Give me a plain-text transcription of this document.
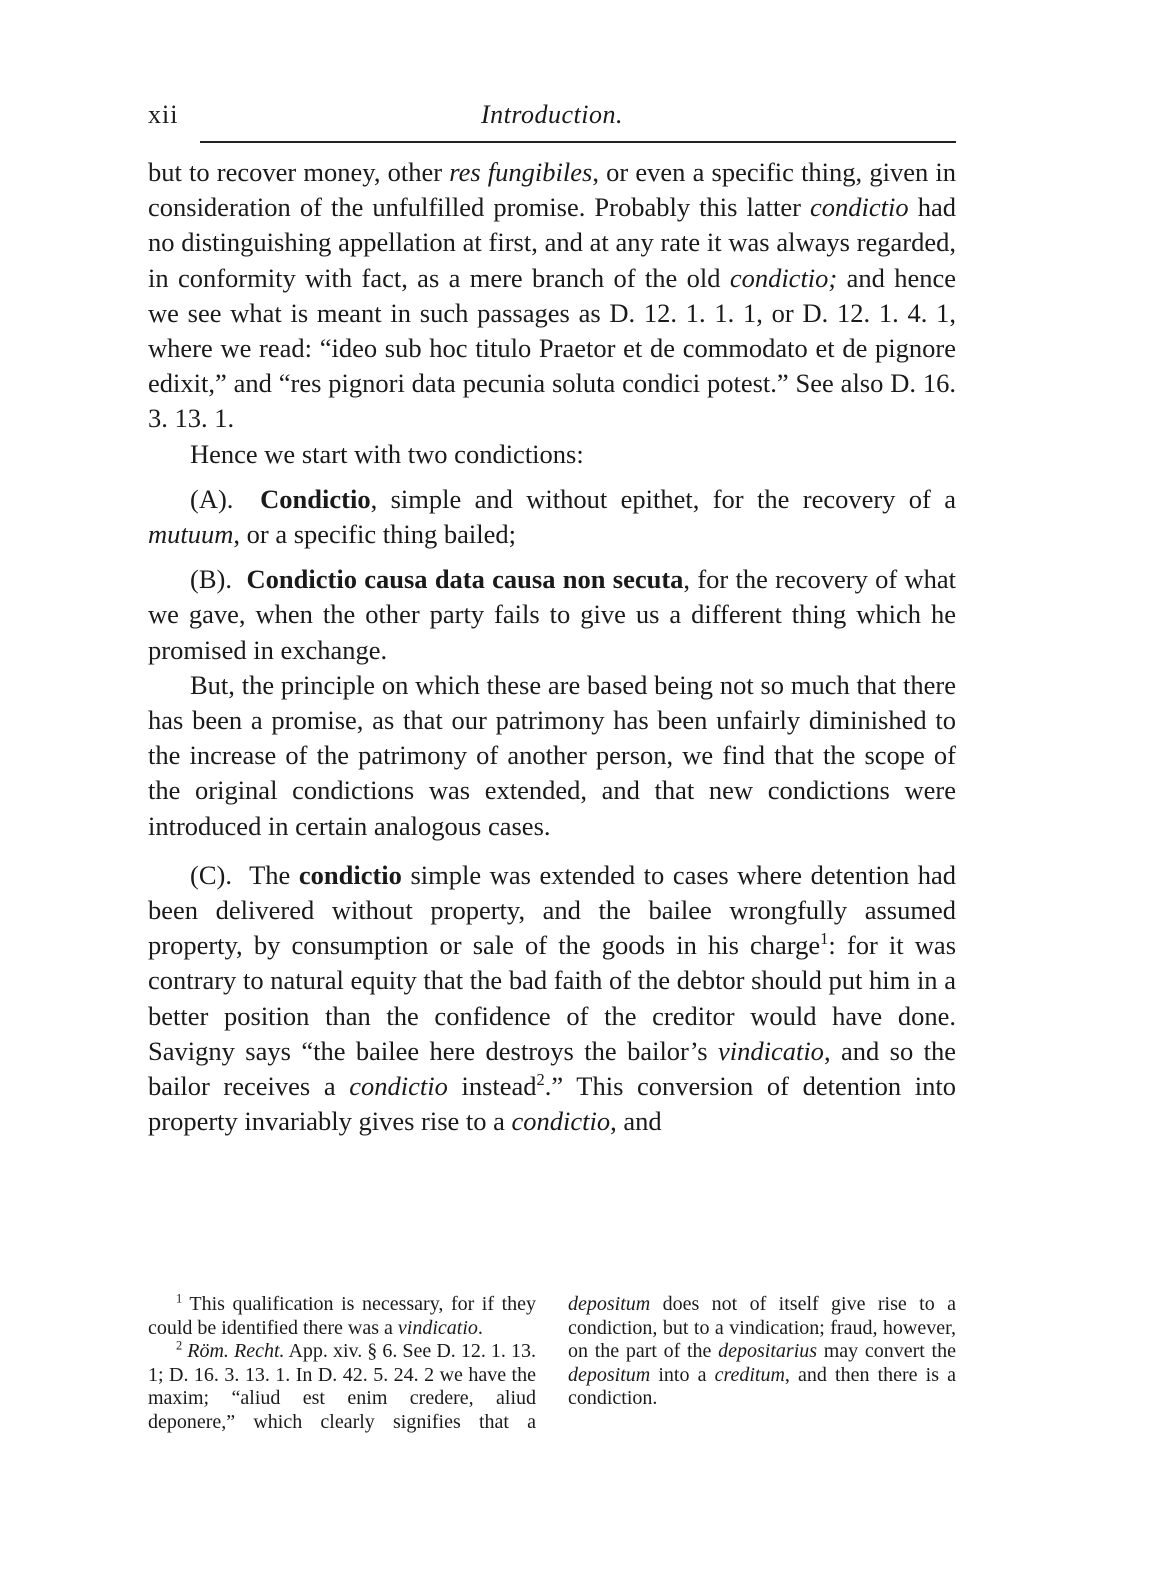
xii	Introduction.

but to recover money, other res fungibiles, or even a specific thing, given in consideration of the unfulfilled promise. Probably this latter condictio had no distinguishing appellation at first, and at any rate it was always regarded, in conformity with fact, as a mere branch of the old condictio; and hence we see what is meant in such passages as D. 12. 1. 1. 1, or D. 12. 1. 4. 1, where we read: “ideo sub hoc titulo Praetor et de commodato et de pignore edixit,” and “res pignori data pecunia soluta condici potest.” See also D. 16. 3. 13. 1.

Hence we start with two condictions:

(A). Condictio, simple and without epithet, for the recovery of a mutuum, or a specific thing bailed;

(B). Condictio causa data causa non secuta, for the recovery of what we gave, when the other party fails to give us a different thing which he promised in exchange.

But, the principle on which these are based being not so much that there has been a promise, as that our patrimony has been unfairly diminished to the increase of the patrimony of another person, we find that the scope of the original condictions was extended, and that new condictions were introduced in certain analogous cases.

(C). The condictio simple was extended to cases where detention had been delivered without property, and the bailee wrongfully assumed property, by consumption or sale of the goods in his charge$^1$: for it was contrary to natural equity that the bad faith of the debtor should put him in a better position than the confidence of the creditor would have done. Savigny says “the bailee here destroys the bailor’s vindicatio, and so the bailor receives a condictio instead$^2$.” This conversion of detention into property invariably gives rise to a condictio, and

$^1$ This qualification is necessary, for if they could be identified there was a vindicatio.

$^2$ Röm. Recht. App. xiv. § 6. See D. 12. 1. 13. 1; D. 16. 3. 13. 1. In D. 42. 5. 24. 2 we have the maxim; “aliud est enim credere, aliud deponere,” which clearly signifies that a depositum does not of itself give rise to a condiction, but to a vindication; fraud, however, on the part of the depositarius may convert the depositum into a creditum, and then there is a condiction.
